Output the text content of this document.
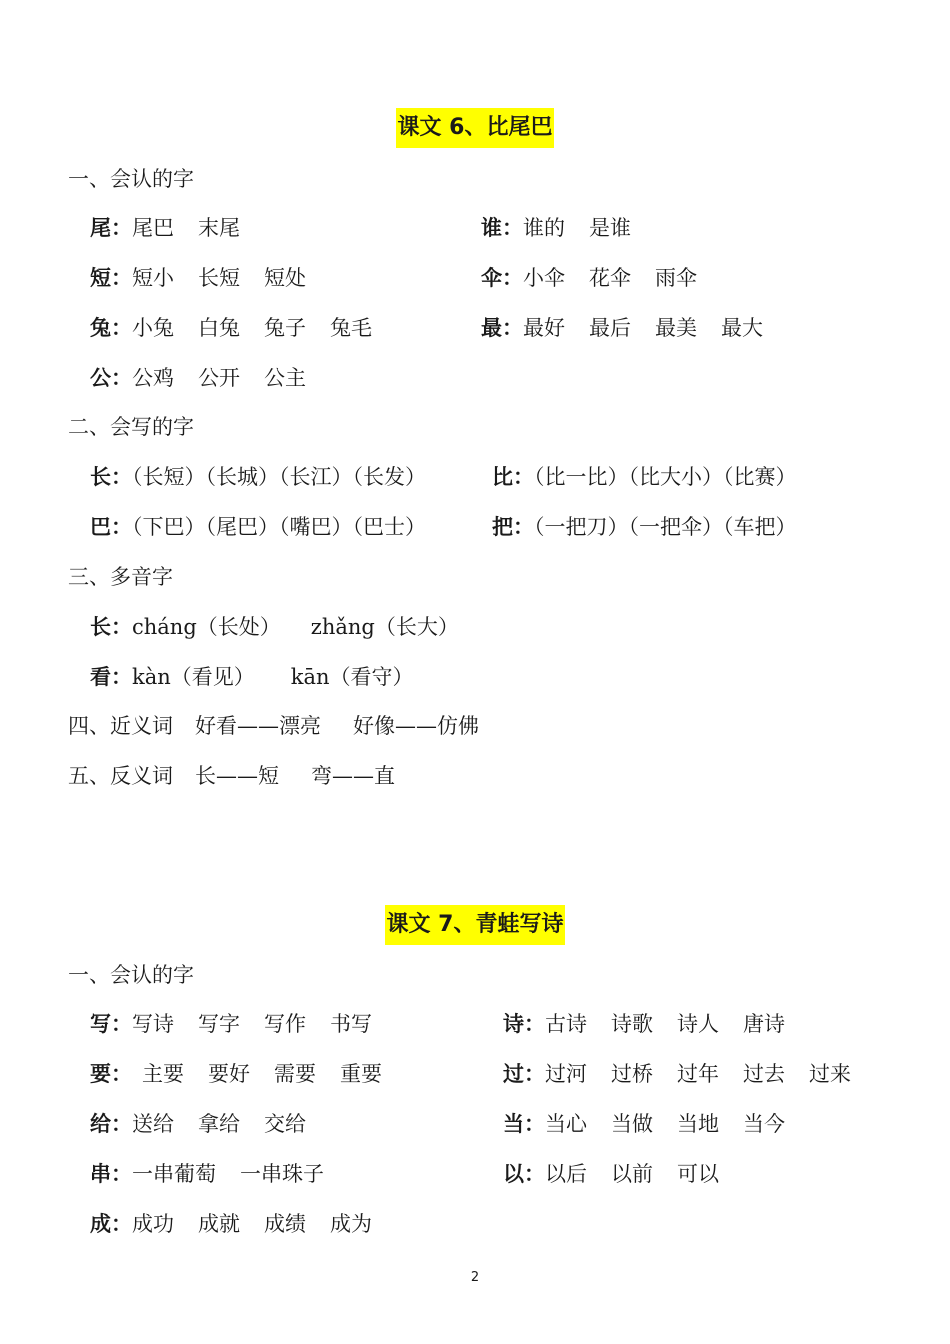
课文 6、比尾巴
一、会认的字
尾：尾巴 末尾
短：短小 长短 短处
兔：小兔 白兔 兔子 兔毛
公：公鸡 公开 公主
谁：谁的 是谁
伞：小伞 花伞 雨伞
最：最好 最后 最美 最大
二、会写的字
长：（长短）（长城）（长江）（长发）	比：（比一比）（比大小）（比赛）
巴：（下巴）（尾巴）（嘴巴）（巴士）	把：（一把刀）（一把伞）（车把）
三、多音字
长：cháng（长处） zhǎng（长大）
看：kàn（看见） kān（看守）
四、近义词 好看——漂亮 好像——仿佛
五、反义词 长——短 弯——直
课文 7、青蛙写诗
一、会认的字
写：写诗 写字 写作 书写
要： 主要 要好 需要 重要
给：送给 拿给 交给
串：一串葡萄 一串珠子
成：成功 成就 成绩 成为
诗：古诗 诗歌 诗人 唐诗
过：过河 过桥 过年 过去 过来
当：当心 当做 当地 当今
以：以后 以前 可以
2
